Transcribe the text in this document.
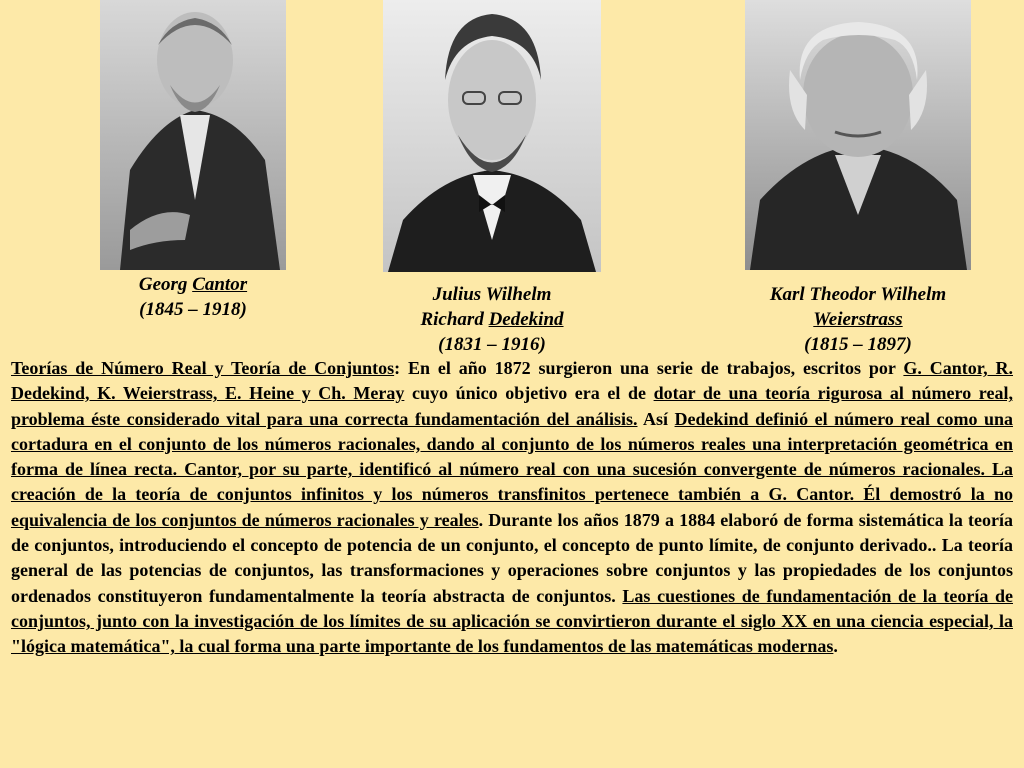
Georg Cantor
(1845 – 1918)
Julius Wilhelm
Richard Dedekind
(1831 – 1916)
Karl Theodor Wilhelm
Weierstrass
(1815 – 1897)

Teorías de Número Real y Teoría de Conjuntos: En el año 1872 surgieron una serie de trabajos, escritos por G. Cantor, R. Dedekind, K. Weierstrass, E. Heine y Ch. Meray cuyo único objetivo era el de dotar de una teoría rigurosa al número real, problema éste considerado vital para una correcta fundamentación del análisis. Así Dedekind definió el número real como una cortadura en el conjunto de los números racionales, dando al conjunto de los números reales una interpretación geométrica en forma de línea recta. Cantor, por su parte, identificó al número real con una sucesión convergente de números racionales. La creación de la teoría de conjuntos infinitos y los números transfinitos pertenece también a G. Cantor. Él demostró la no equivalencia de los conjuntos de números racionales y reales. Durante los años 1879 a 1884 elaboró de forma sistemática la teoría de conjuntos, introduciendo el concepto de potencia de un conjunto, el concepto de punto límite, de conjunto derivado.. La teoría general de las potencias de conjuntos, las transformaciones y operaciones sobre conjuntos y las propiedades de los conjuntos ordenados constituyeron fundamentalmente la teoría abstracta de conjuntos. Las cuestiones de fundamentación de la teoría de conjuntos, junto con la investigación de los límites de su aplicación se convirtieron durante el siglo XX en una ciencia especial, la "lógica matemática", la cual forma una parte importante de los fundamentos de las matemáticas modernas.
